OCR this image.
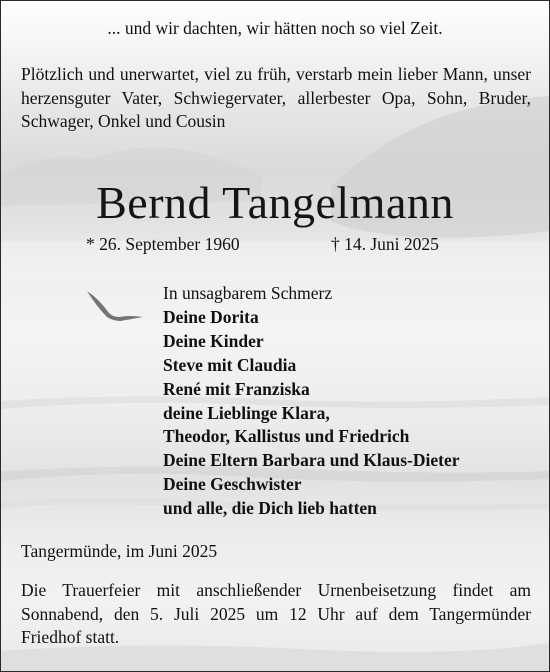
... und wir dachten, wir hätten noch so viel Zeit.
Plötzlich und unerwartet, viel zu früh, verstarb mein lieber Mann, unser herzensguter Vater, Schwiegervater, allerbester Opa, Sohn, Bruder, Schwager, Onkel und Cousin
Bernd Tangelmann
* 26. September 1960	† 14. Juni 2025
In unsagbarem Schmerz
Deine Dorita
Deine Kinder
Steve mit Claudia
René mit Franziska
deine Lieblinge Klara,
Theodor, Kallistus und Friedrich
Deine Eltern Barbara und Klaus-Dieter
Deine Geschwister
und alle, die Dich lieb hatten
Tangermünde, im Juni 2025
Die Trauerfeier mit anschließender Urnenbeisetzung findet am Sonnabend, den 5. Juli 2025 um 12 Uhr auf dem Tangermünder Friedhof statt.
